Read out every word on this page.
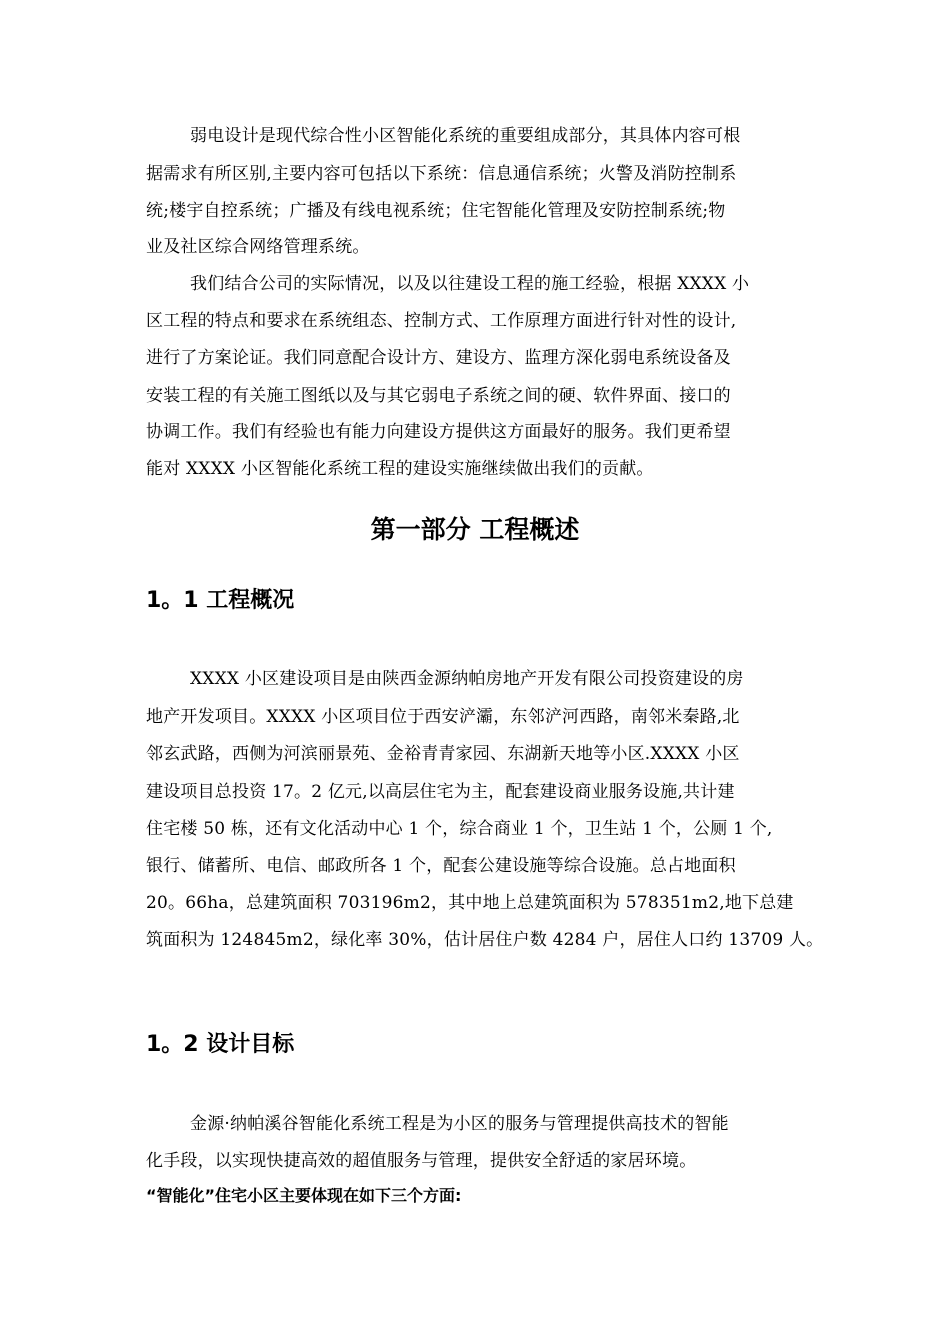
弱电设计是现代综合性小区智能化系统的重要组成部分，其具体内容可根
据需求有所区别,主要内容可包括以下系统：信息通信系统；火警及消防控制系
统;楼宇自控系统；广播及有线电视系统；住宅智能化管理及安防控制系统;物
业及社区综合网络管理系统。
我们结合公司的实际情况，以及以往建设工程的施工经验，根据 XXXX 小
区工程的特点和要求在系统组态、控制方式、工作原理方面进行针对性的设计,
进行了方案论证。我们同意配合设计方、建设方、监理方深化弱电系统设备及
安装工程的有关施工图纸以及与其它弱电子系统之间的硬、软件界面、接口的
协调工作。我们有经验也有能力向建设方提供这方面最好的服务。我们更希望
能对 XXXX 小区智能化系统工程的建设实施继续做出我们的贡献。
第一部分 工程概述
1。1 工程概况
XXXX 小区建设项目是由陕西金源纳帕房地产开发有限公司投资建设的房
地产开发项目。XXXX 小区项目位于西安浐灞，东邻浐河西路，南邻米秦路,北
邻玄武路，西侧为河滨丽景苑、金裕青青家园、东湖新天地等小区.XXXX 小区
建设项目总投资 17。2 亿元,以高层住宅为主，配套建设商业服务设施,共计建
住宅楼 50 栋，还有文化活动中心 1 个，综合商业 1 个，卫生站 1 个，公厕 1 个,
银行、储蓄所、电信、邮政所各 1 个，配套公建设施等综合设施。总占地面积
20。66ha，总建筑面积 703196m2，其中地上总建筑面积为 578351m2,地下总建
筑面积为 124845m2，绿化率 30%，估计居住户数 4284 户，居住人口约 13709 人。
1。2 设计目标
金源·纳帕溪谷智能化系统工程是为小区的服务与管理提供高技术的智能
化手段，以实现快捷高效的超值服务与管理，提供安全舒适的家居环境。
“智能化”住宅小区主要体现在如下三个方面:
